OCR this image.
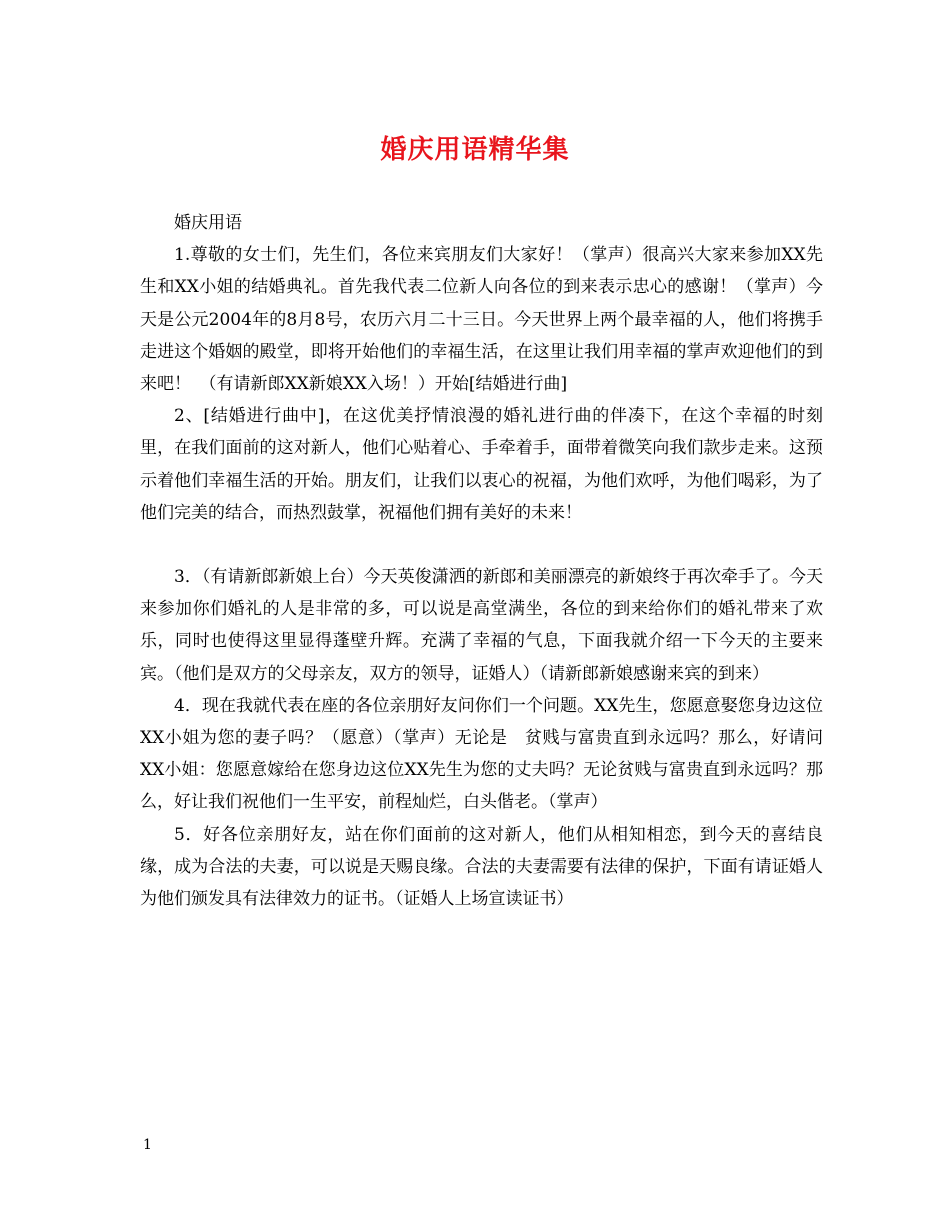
婚庆用语精华集

婚庆用语

1.尊敬的女士们，先生们，各位来宾朋友们大家好！（掌声）很高兴大家来参加XX先生和XX小姐的结婚典礼。首先我代表二位新人向各位的到来表示忠心的感谢！（掌声）今天是公元2004年的8月8号，农历六月二十三日。今天世界上两个最幸福的人，他们将携手走进这个婚姻的殿堂，即将开始他们的幸福生活，在这里让我们用幸福的掌声欢迎他们的到来吧！　（有请新郎XX新娘XX入场！）开始[结婚进行曲]

2、[结婚进行曲中]，在这优美抒情浪漫的婚礼进行曲的伴凑下，在这个幸福的时刻里，在我们面前的这对新人，他们心贴着心、手牵着手，面带着微笑向我们款步走来。这预示着他们幸福生活的开始。朋友们，让我们以衷心的祝福，为他们欢呼，为他们喝彩，为了他们完美的结合，而热烈鼓掌，祝福他们拥有美好的未来！

3．（有请新郎新娘上台）今天英俊潇洒的新郎和美丽漂亮的新娘终于再次牵手了。今天来参加你们婚礼的人是非常的多，可以说是高堂满坐，各位的到来给你们的婚礼带来了欢乐，同时也使得这里显得蓬壁升辉。充满了幸福的气息，下面我就介绍一下今天的主要来宾。（他们是双方的父母亲友，双方的领导，证婚人）（请新郎新娘感谢来宾的到来）

4．现在我就代表在座的各位亲朋好友问你们一个问题。XX先生，您愿意娶您身边这位 XX小姐为您的妻子吗？（愿意）（掌声）无论是　贫贱与富贵直到永远吗？那么，好请问XX小姐：您愿意嫁给在您身边这位XX先生为您的丈夫吗？无论贫贱与富贵直到永远吗？那么，好让我们祝他们一生平安，前程灿烂，白头偕老。（掌声）

5．好各位亲朋好友，站在你们面前的这对新人，他们从相知相恋，到今天的喜结良缘，成为合法的夫妻，可以说是天赐良缘。合法的夫妻需要有法律的保护，下面有请证婚人为他们颁发具有法律效力的证书。（证婚人上场宣读证书）

1
